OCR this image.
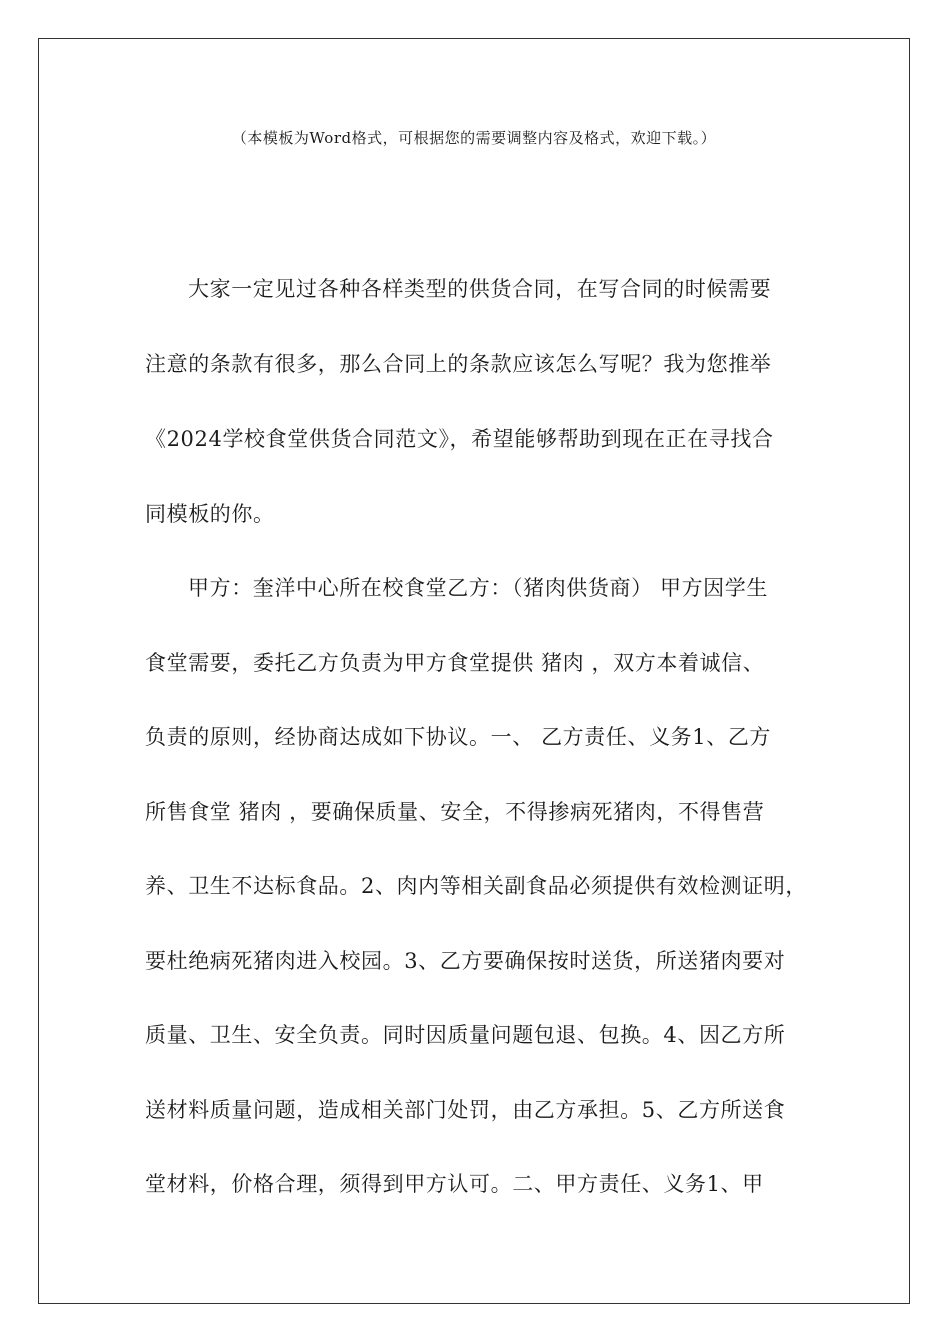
（本模板为Word格式，可根据您的需要调整内容及格式，欢迎下载。）
大家一定见过各种各样类型的供货合同，在写合同的时候需要
注意的条款有很多，那么合同上的条款应该怎么写呢？我为您推举
《2024学校食堂供货合同范文》，希望能够帮助到现在正在寻找合
同模板的你。
甲方：奎洋中心所在校食堂乙方：（猪肉供货商） 甲方因学生
食堂需要，委托乙方负责为甲方食堂提供 猪肉 ，双方本着诚信、
负责的原则，经协商达成如下协议。一、 乙方责任、义务1、乙方
所售食堂 猪肉 ，要确保质量、安全，不得掺病死猪肉，不得售营
养、卫生不达标食品。2、肉内等相关副食品必须提供有效检测证明，
要杜绝病死猪肉进入校园。3、乙方要确保按时送货，所送猪肉要对
质量、卫生、安全负责。同时因质量问题包退、包换。4、因乙方所
送材料质量问题，造成相关部门处罚，由乙方承担。5、乙方所送食
堂材料，价格合理，须得到甲方认可。二、甲方责任、义务1、甲
